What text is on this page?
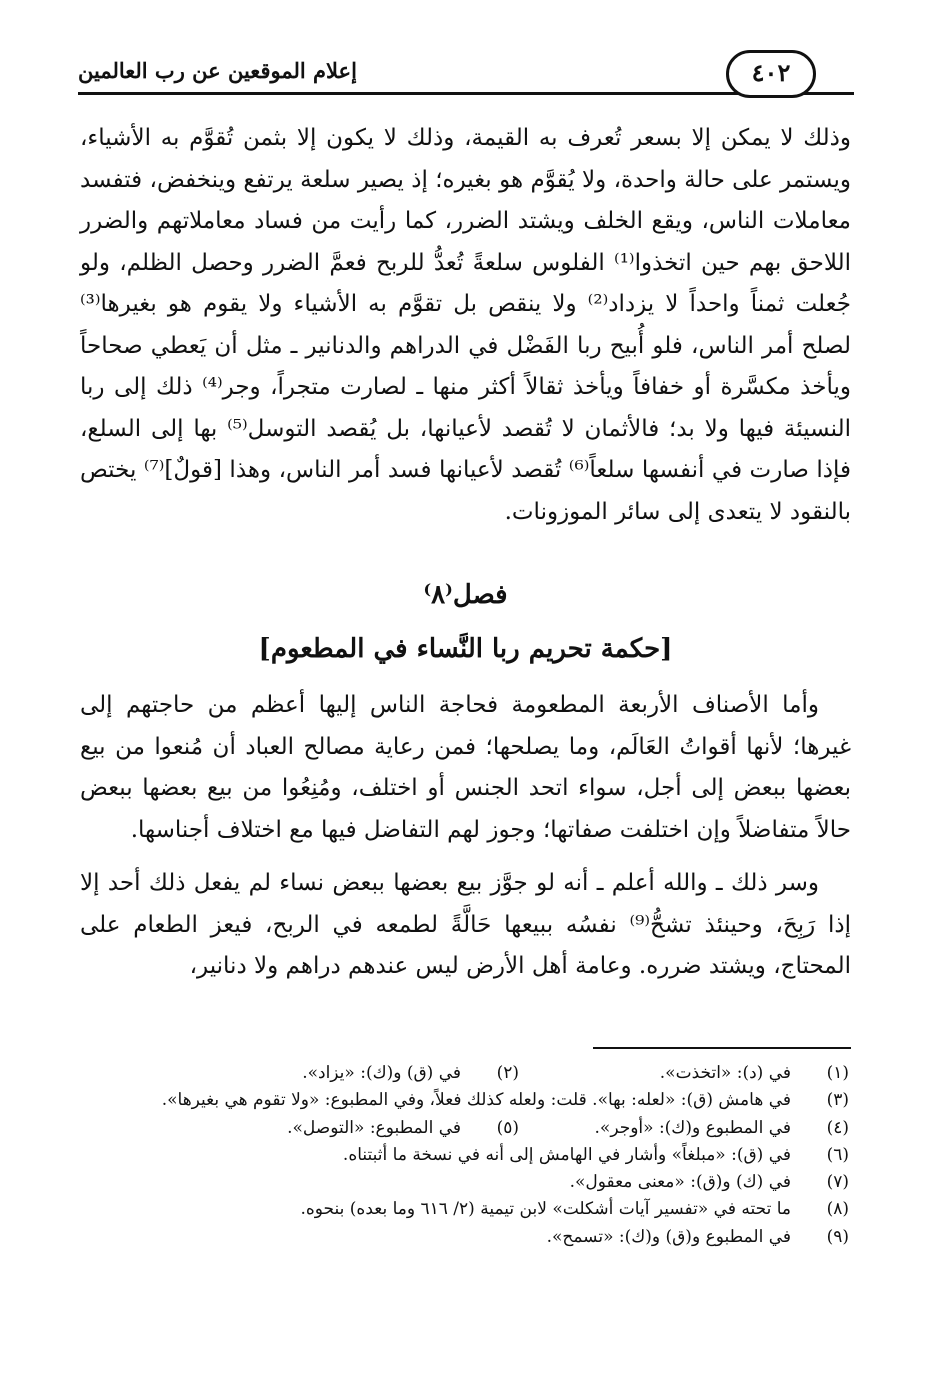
إعلام الموقعين عن رب العالمين	٤٠٢

وذلك لا يمكن إلا بسعر تُعرف به القيمة، وذلك لا يكون إلا بثمن تُقوَّم به الأشياء، ويستمر على حالة واحدة، ولا يُقوَّم هو بغيره؛ إذ يصير سلعة يرتفع وينخفض، فتفسد معاملات الناس، ويقع الخلف ويشتد الضرر، كما رأيت من فساد معاملاتهم والضرر اللاحق بهم حين اتخذوا⁽¹⁾ الفلوس سلعةً تُعدُّ للربح فعمَّ الضرر وحصل الظلم، ولو جُعلت ثمناً واحداً لا يزداد⁽²⁾ ولا ينقص بل تقوَّم به الأشياء ولا يقوم هو بغيرها⁽³⁾ لصلح أمر الناس، فلو أُبيح ربا الفَضْل في الدراهم والدنانير ـ مثل أن يَعطي صحاحاً ويأخذ مكسَّرة أو خفافاً ويأخذ ثقالاً أكثر منها ـ لصارت متجراً، وجر⁽⁴⁾ ذلك إلى ربا النسيئة فيها ولا بد؛ فالأثمان لا تُقصد لأعيانها، بل يُقصد التوسل⁽⁵⁾ بها إلى السلع، فإذا صارت في أنفسها سلعاً⁽⁶⁾ تُقصد لأعيانها فسد أمر الناس، وهذا [قولٌ]⁽⁷⁾ يختص بالنقود لا يتعدى إلى سائر الموزونات.

فصل⁽٨⁾

[حكمة تحريم ربا النَّساء في المطعوم]

وأما الأصناف الأربعة المطعومة فحاجة الناس إليها أعظم من حاجتهم إلى غيرها؛ لأنها أقواتُ العَالَم، وما يصلحها؛ فمن رعاية مصالح العباد أن مُنعوا من بيع بعضها ببعض إلى أجل، سواء اتحد الجنس أو اختلف، ومُنِعُوا من بيع بعضها ببعض حالاً متفاضلاً وإن اختلفت صفاتها؛ وجوز لهم التفاضل فيها مع اختلاف أجناسها.

وسر ذلك ـ والله أعلم ـ أنه لو جوَّز بيع بعضها ببعض نساء لم يفعل ذلك أحد إلا إذا رَبِحَ، وحينئذ تشحُّ⁽⁹⁾ نفسُه ببيعها حَالَّةً لطمعه في الربح، فيعز الطعام على المحتاج، ويشتد ضرره. وعامة أهل الأرض ليس عندهم دراهم ولا دنانير،

(١)
في (د): «اتخذت».
(٢)
في (ق) و(ك): «يزاد».
(٣)
في هامش (ق): «لعله: بها». قلت: ولعله كذلك فعلاً، وفي المطبوع: «ولا تقوم هي بغيرها».
(٤)
في المطبوع و(ك): «أوجر».
(٥)
في المطبوع: «التوصل».
(٦)
في (ق): «مبلغاً» وأشار في الهامش إلى أنه في نسخة ما أثبتناه.
(٧)
في (ك) و(ق): «معنى معقول».
(٨)
ما تحته في «تفسير آيات أشكلت» لابن تيمية (٢/ ٦١٦ وما بعده) بنحوه.
(٩)
في المطبوع و(ق) و(ك): «تسمح».
